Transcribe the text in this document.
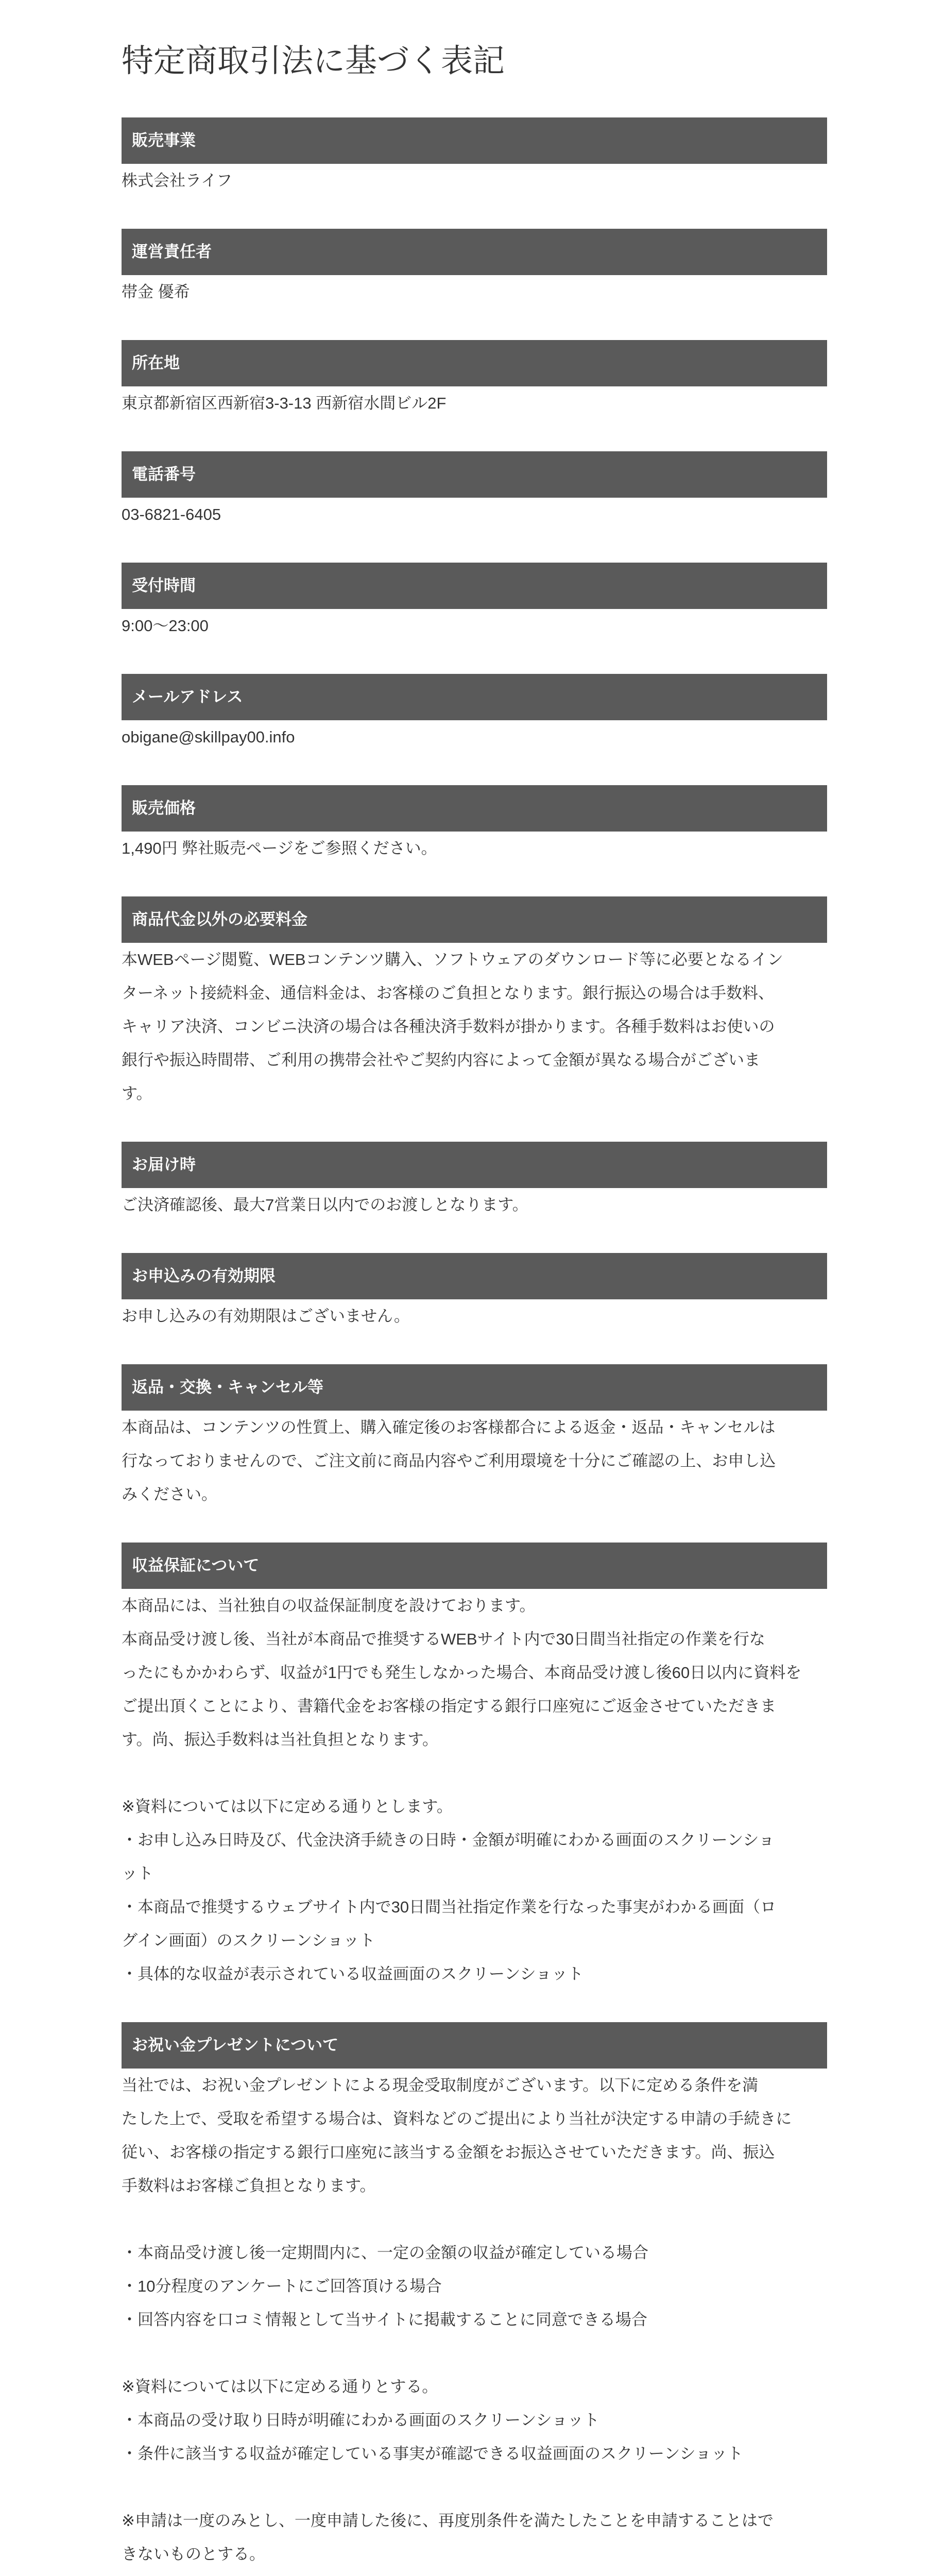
特定商取引法に基づく表記
販売事業
株式会社ライフ
運営責任者
帯金 優希
所在地
東京都新宿区西新宿3-3-13 西新宿水間ビル2F
電話番号
03-6821-6405
受付時間
9:00～23:00
メールアドレス
obigane@skillpay00.info
販売価格
1,490円 弊社販売ページをご参照ください。
商品代金以外の必要料金
本WEBページ閲覧、WEBコンテンツ購入、ソフトウェアのダウンロード等に必要となるイン
ターネット接続料金、通信料金は、お客様のご負担となります。銀行振込の場合は手数料、
キャリア決済、コンビニ決済の場合は各種決済手数料が掛かります。各種手数料はお使いの
銀行や振込時間帯、ご利用の携帯会社やご契約内容によって金額が異なる場合がございま
す。
お届け時
ご決済確認後、最大7営業日以内でのお渡しとなります。
お申込みの有効期限
お申し込みの有効期限はございません。
返品・交換・キャンセル等
本商品は、コンテンツの性質上、購入確定後のお客様都合による返金・返品・キャンセルは
行なっておりませんので、ご注文前に商品内容やご利用環境を十分にご確認の上、お申し込
みください。
収益保証について
本商品には、当社独自の収益保証制度を設けております。
本商品受け渡し後、当社が本商品で推奨するWEBサイト内で30日間当社指定の作業を行な
ったにもかかわらず、収益が1円でも発生しなかった場合、本商品受け渡し後60日以内に資料を
ご提出頂くことにより、書籍代金をお客様の指定する銀行口座宛にご返金させていただきま
す。尚、振込手数料は当社負担となります。
※資料については以下に定める通りとします。
・お申し込み日時及び、代金決済手続きの日時・金額が明確にわかる画面のスクリーンショ
ット
・本商品で推奨するウェブサイト内で30日間当社指定作業を行なった事実がわかる画面（ロ
グイン画面）のスクリーンショット
・具体的な収益が表示されている収益画面のスクリーンショット
お祝い金プレゼントについて
当社では、お祝い金プレゼントによる現金受取制度がございます。以下に定める条件を満
たした上で、受取を希望する場合は、資料などのご提出により当社が決定する申請の手続きに
従い、お客様の指定する銀行口座宛に該当する金額をお振込させていただきます。尚、振込
手数料はお客様ご負担となります。
・本商品受け渡し後一定期間内に、一定の金額の収益が確定している場合
・10分程度のアンケートにご回答頂ける場合
・回答内容を口コミ情報として当サイトに掲載することに同意できる場合
※資料については以下に定める通りとする。
・本商品の受け取り日時が明確にわかる画面のスクリーンショット
・条件に該当する収益が確定している事実が確認できる収益画面のスクリーンショット
※申請は一度のみとし、一度申請した後に、再度別条件を満たしたことを申請することはで
きないものとする。
